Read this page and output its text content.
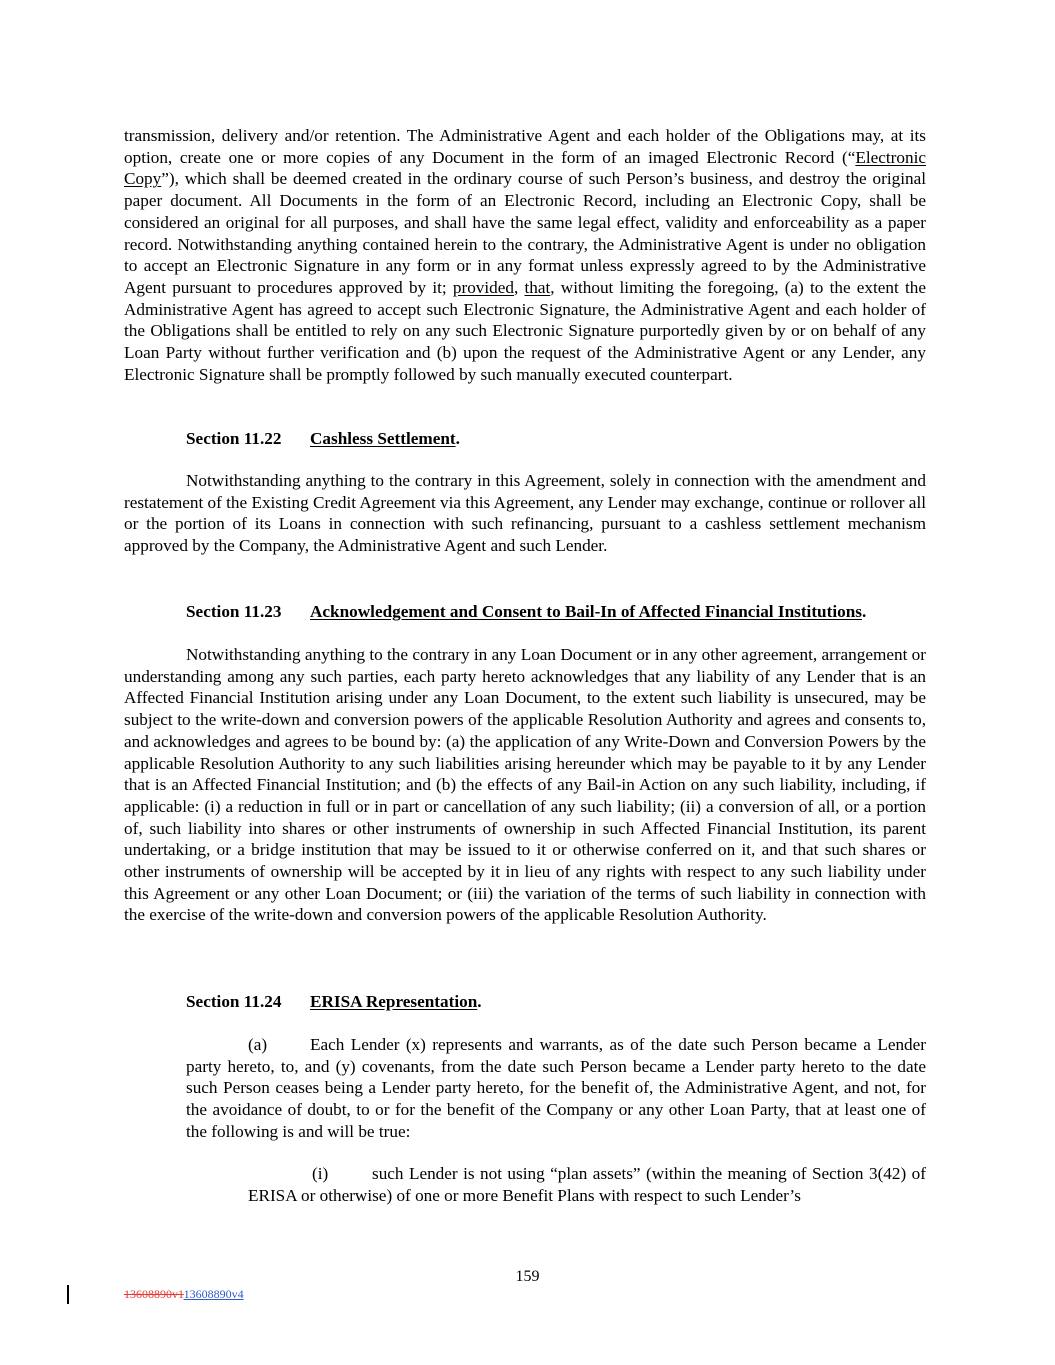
transmission, delivery and/or retention. The Administrative Agent and each holder of the Obligations may, at its option, create one or more copies of any Document in the form of an imaged Electronic Record (“Electronic Copy”), which shall be deemed created in the ordinary course of such Person’s business, and destroy the original paper document. All Documents in the form of an Electronic Record, including an Electronic Copy, shall be considered an original for all purposes, and shall have the same legal effect, validity and enforceability as a paper record. Notwithstanding anything contained herein to the contrary, the Administrative Agent is under no obligation to accept an Electronic Signature in any form or in any format unless expressly agreed to by the Administrative Agent pursuant to procedures approved by it; provided, that, without limiting the foregoing, (a) to the extent the Administrative Agent has agreed to accept such Electronic Signature, the Administrative Agent and each holder of the Obligations shall be entitled to rely on any such Electronic Signature purportedly given by or on behalf of any Loan Party without further verification and (b) upon the request of the Administrative Agent or any Lender, any Electronic Signature shall be promptly followed by such manually executed counterpart.
Section 11.22 Cashless Settlement.
Notwithstanding anything to the contrary in this Agreement, solely in connection with the amendment and restatement of the Existing Credit Agreement via this Agreement, any Lender may exchange, continue or rollover all or the portion of its Loans in connection with such refinancing, pursuant to a cashless settlement mechanism approved by the Company, the Administrative Agent and such Lender.
Section 11.23 Acknowledgement and Consent to Bail-In of Affected Financial Institutions.
Notwithstanding anything to the contrary in any Loan Document or in any other agreement, arrangement or understanding among any such parties, each party hereto acknowledges that any liability of any Lender that is an Affected Financial Institution arising under any Loan Document, to the extent such liability is unsecured, may be subject to the write-down and conversion powers of the applicable Resolution Authority and agrees and consents to, and acknowledges and agrees to be bound by: (a) the application of any Write-Down and Conversion Powers by the applicable Resolution Authority to any such liabilities arising hereunder which may be payable to it by any Lender that is an Affected Financial Institution; and (b) the effects of any Bail-in Action on any such liability, including, if applicable: (i) a reduction in full or in part or cancellation of any such liability; (ii) a conversion of all, or a portion of, such liability into shares or other instruments of ownership in such Affected Financial Institution, its parent undertaking, or a bridge institution that may be issued to it or otherwise conferred on it, and that such shares or other instruments of ownership will be accepted by it in lieu of any rights with respect to any such liability under this Agreement or any other Loan Document; or (iii) the variation of the terms of such liability in connection with the exercise of the write-down and conversion powers of the applicable Resolution Authority.
Section 11.24 ERISA Representation.
(a) Each Lender (x) represents and warrants, as of the date such Person became a Lender party hereto, to, and (y) covenants, from the date such Person became a Lender party hereto to the date such Person ceases being a Lender party hereto, for the benefit of, the Administrative Agent, and not, for the avoidance of doubt, to or for the benefit of the Company or any other Loan Party, that at least one of the following is and will be true:
(i)	such Lender is not using “plan assets” (within the meaning of Section 3(42) of ERISA or otherwise) of one or more Benefit Plans with respect to such Lender’s
159
13608890v113608890v4
